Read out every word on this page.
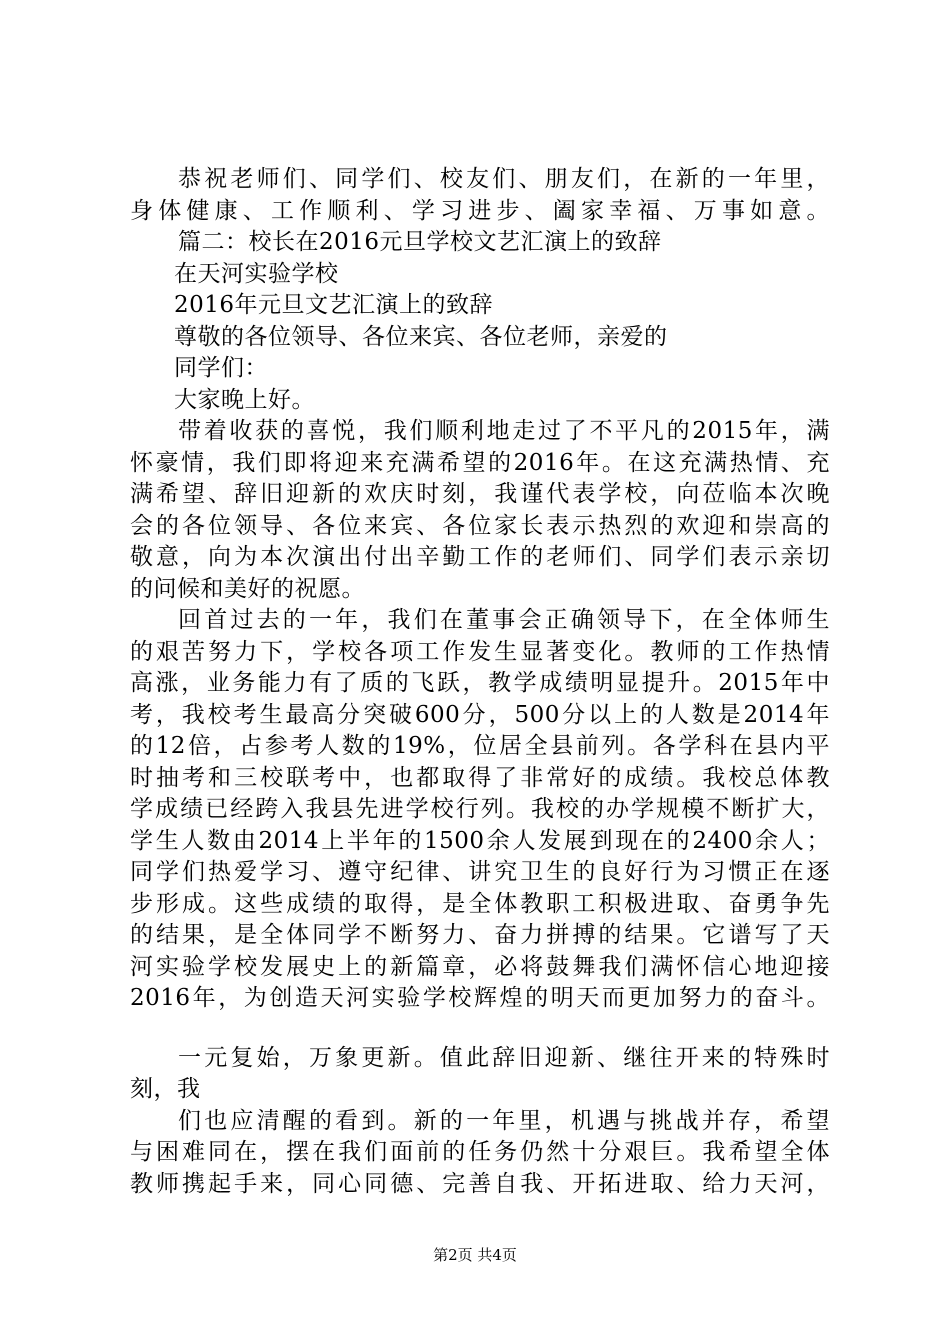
恭祝老师们、同学们、校友们、朋友们，在新的一年里，
身体健康、工作顺利、学习进步、阖家幸福、万事如意。
篇二：校长在2016元旦学校文艺汇演上的致辞
在天河实验学校
2016年元旦文艺汇演上的致辞
尊敬的各位领导、各位来宾、各位老师，亲爱的
同学们：
大家晚上好。
带着收获的喜悦，我们顺利地走过了不平凡的2015年，满
怀豪情，我们即将迎来充满希望的2016年。在这充满热情、充
满希望、辞旧迎新的欢庆时刻，我谨代表学校，向莅临本次晚
会的各位领导、各位来宾、各位家长表示热烈的欢迎和崇高的
敬意，向为本次演出付出辛勤工作的老师们、同学们表示亲切
的问候和美好的祝愿。
回首过去的一年，我们在董事会正确领导下，在全体师生
的艰苦努力下，学校各项工作发生显著变化。教师的工作热情
高涨，业务能力有了质的飞跃，教学成绩明显提升。2015年中
考，我校考生最高分突破600分，500分以上的人数是2014年
的12倍，占参考人数的19%，位居全县前列。各学科在县内平
时抽考和三校联考中，也都取得了非常好的成绩。我校总体教
学成绩已经跨入我县先进学校行列。我校的办学规模不断扩大，
学生人数由2014上半年的1500余人发展到现在的2400余人；
同学们热爱学习、遵守纪律、讲究卫生的良好行为习惯正在逐
步形成。这些成绩的取得，是全体教职工积极进取、奋勇争先
的结果，是全体同学不断努力、奋力拼搏的结果。它谱写了天
河实验学校发展史上的新篇章，必将鼓舞我们满怀信心地迎接
2016年，为创造天河实验学校辉煌的明天而更加努力的奋斗。
一元复始，万象更新。值此辞旧迎新、继往开来的特殊时
刻，我
们也应清醒的看到。新的一年里，机遇与挑战并存，希望
与困难同在，摆在我们面前的任务仍然十分艰巨。我希望全体
教师携起手来，同心同德、完善自我、开拓进取、给力天河，
第2页 共4页
